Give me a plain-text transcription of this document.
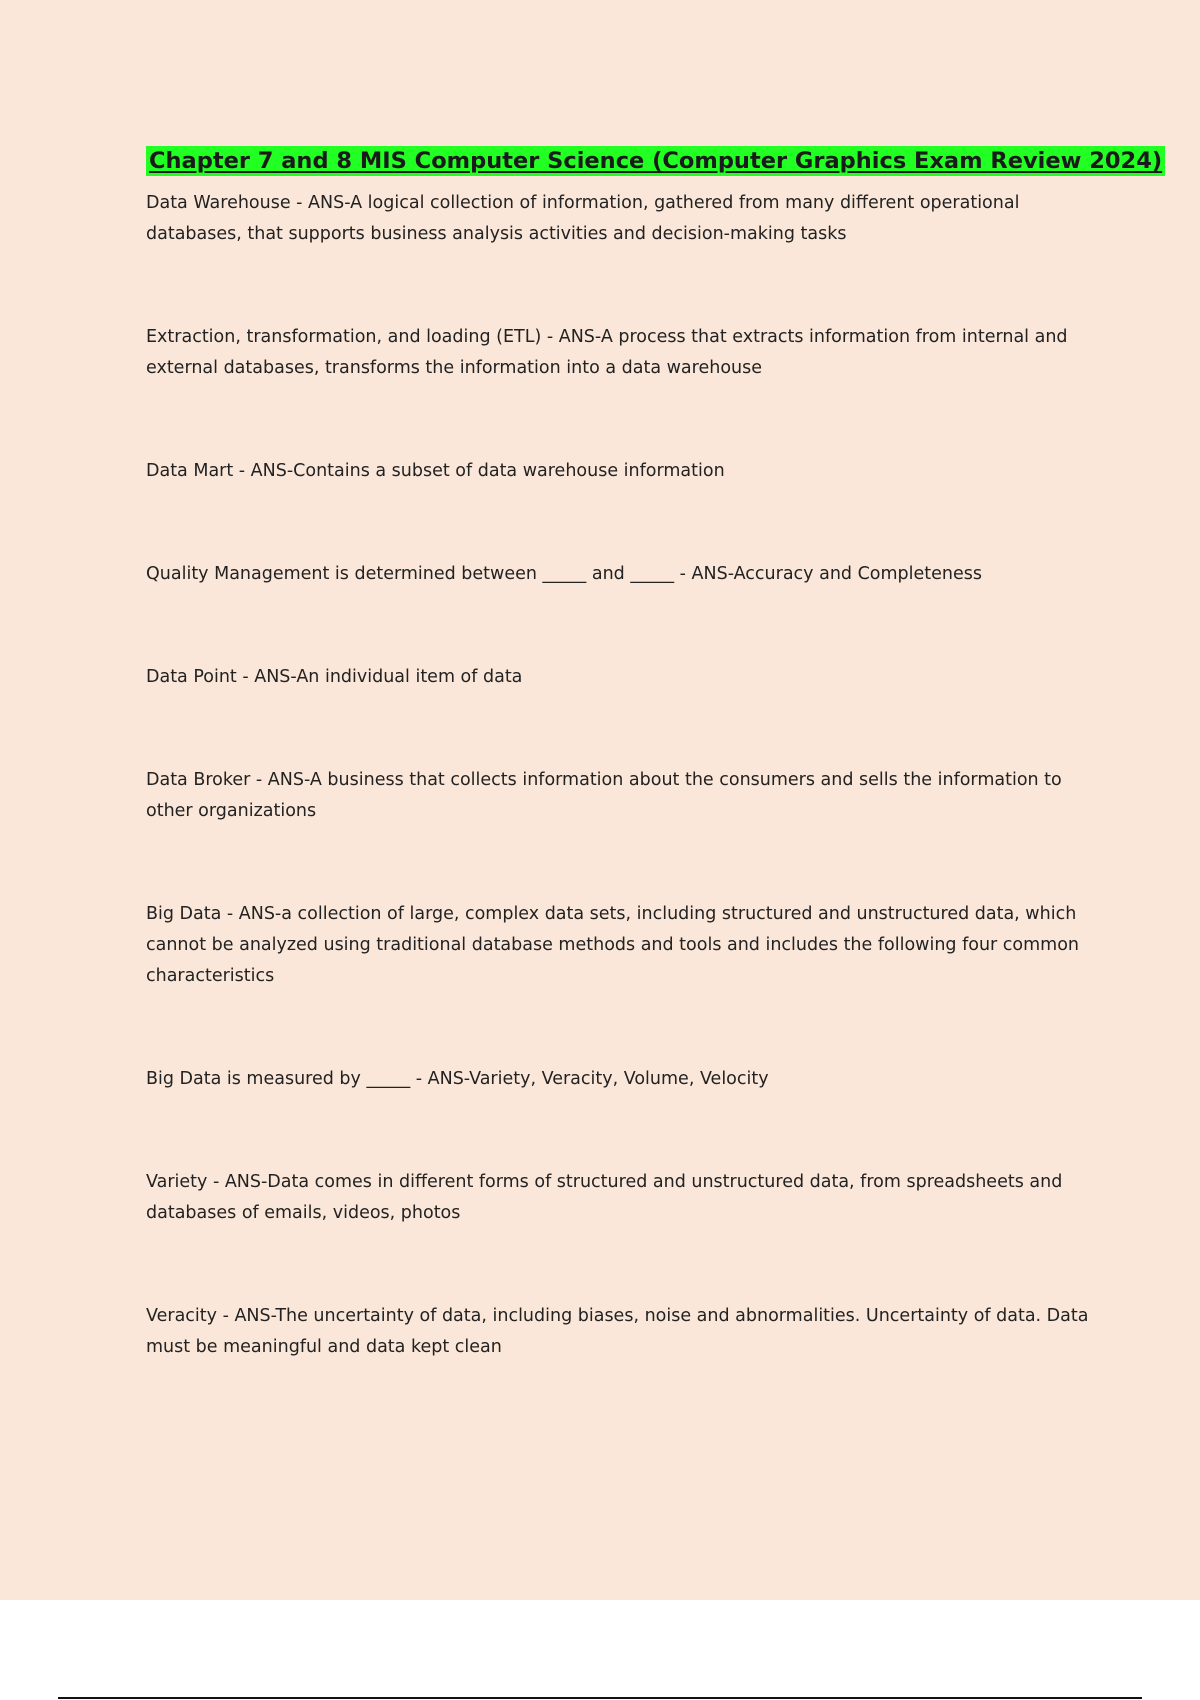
Chapter 7 and 8 MIS Computer Science (Computer Graphics Exam Review 2024)

Data Warehouse - ANS-A logical collection of information, gathered from many different operational databases, that supports business analysis activities and decision-making tasks

Extraction, transformation, and loading (ETL) - ANS-A process that extracts information from internal and external databases, transforms the information into a data warehouse

Data Mart - ANS-Contains a subset of data warehouse information

Quality Management is determined between _____ and _____ - ANS-Accuracy and Completeness

Data Point - ANS-An individual item of data

Data Broker - ANS-A business that collects information about the consumers and sells the information to other organizations

Big Data - ANS-a collection of large, complex data sets, including structured and unstructured data, which cannot be analyzed using traditional database methods and tools and includes the following four common characteristics

Big Data is measured by _____ - ANS-Variety, Veracity, Volume, Velocity

Variety - ANS-Data comes in different forms of structured and unstructured data, from spreadsheets and databases of emails, videos, photos

Veracity - ANS-The uncertainty of data, including biases, noise and abnormalities. Uncertainty of data. Data must be meaningful and data kept clean
